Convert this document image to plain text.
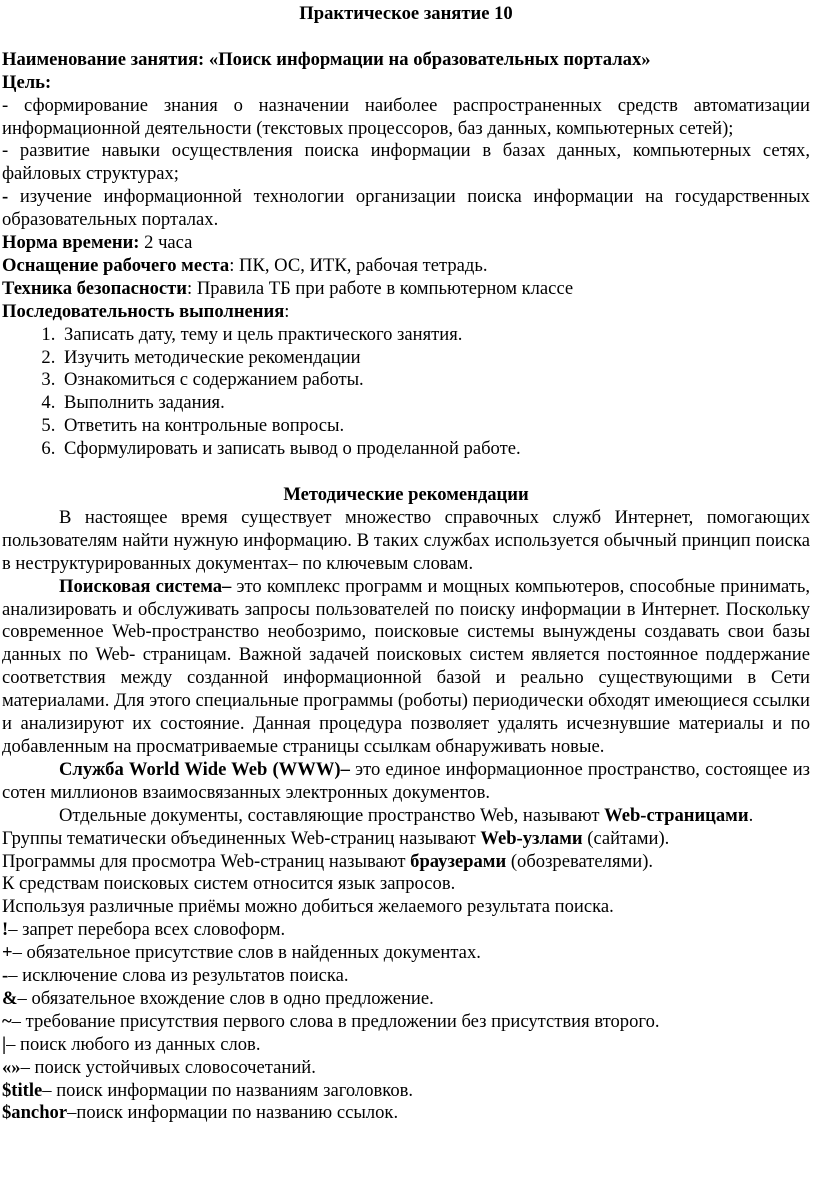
Практическое занятие 10

Наименование занятия: «Поиск информации на образовательных порталах»

Цель:

- сформирование знания о назначении наиболее распространенных средств автоматизации информационной деятельности (текстовых процессоров, баз данных, компьютерных сетей);

- развитие навыки осуществления поиска информации в базах данных, компьютерных сетях, файловых структурах;

- изучение информационной технологии организации поиска информации на государственных образовательных порталах.

Норма времени: 2 часа

Оснащение рабочего места: ПК, ОС, ИТК, рабочая тетрадь.

Техника безопасности: Правила ТБ при работе в компьютерном классе

Последовательность выполнения:

1. Записать дату, тему и цель практического занятия.
2. Изучить методические рекомендации
3. Ознакомиться с содержанием работы.
4. Выполнить задания.
5. Ответить на контрольные вопросы.
6. Сформулировать и записать вывод о проделанной работе.

Методические рекомендации

В настоящее время существует множество справочных служб Интернет, помогающих пользователям найти нужную информацию. В таких службах используется обычный принцип поиска в неструктурированных документах– по ключевым словам.

Поисковая система– это комплекс программ и мощных компьютеров, способные принимать, анализировать и обслуживать запросы пользователей по поиску информации в Интернет. Поскольку современное Web-пространство необозримо, поисковые системы вынуждены создавать свои базы данных по Web- страницам. Важной задачей поисковых систем является постоянное поддержание соответствия между созданной информационной базой и реально существующими в Сети материалами. Для этого специальные программы (роботы) периодически обходят имеющиеся ссылки и анализируют их состояние. Данная процедура позволяет удалять исчезнувшие материалы и по добавленным на просматриваемые страницы ссылкам обнаруживать новые.

Служба World Wide Web (WWW)– это единое информационное пространство, состоящее из сотен миллионов взаимосвязанных электронных документов.

Отдельные документы, составляющие пространство Web, называют Web-страницами.

Группы тематически объединенных Web-страниц называют Web-узлами (сайтами).

Программы для просмотра Web-страниц называют браузерами (обозревателями).

К средствам поисковых систем относится язык запросов.

Используя различные приёмы можно добиться желаемого результата поиска.

!– запрет перебора всех словоформ.

+– обязательное присутствие слов в найденных документах.

-– исключение слова из результатов поиска.

&– обязательное вхождение слов в одно предложение.

~– требование присутствия первого слова в предложении без присутствия второго.

|– поиск любого из данных слов.

«»– поиск устойчивых словосочетаний.

$title– поиск информации по названиям заголовков.

$anchor–поиск информации по названию ссылок.
